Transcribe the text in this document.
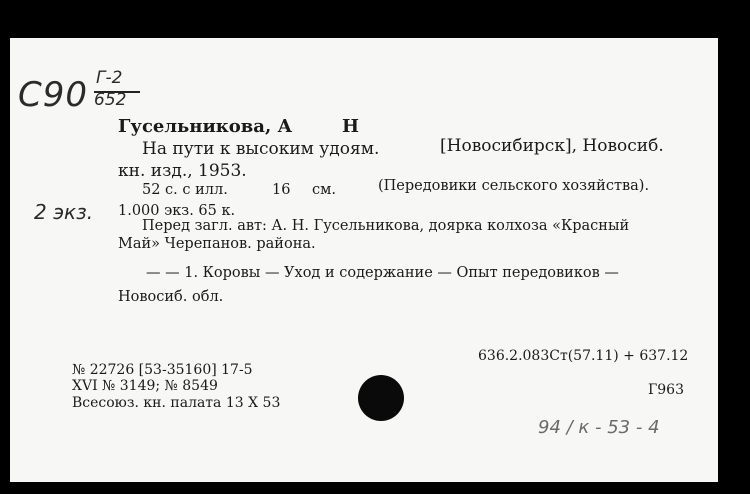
С90 Г-2
652
Гусельникова, А	Н
На пути к высоким удоям.	[Новосибирск], Новосиб.
кн. изд., 1953.
52 с. с илл.	16 см.	(Передовики сельского хозяйства).
2 экз. 1.000 экз. 65 к.
Перед загл. авт: А. Н. Гусельникова, доярка колхоза «Красный
Май» Черепанов. района.
— — 1. Коровы — Уход и содержание — Опыт передовиков —
Новосиб. обл.
№ 22726 [53-35160] 17-5
XVI № 3149; № 8549
Всесоюз. кн. палата 13 X 53
636.2.083Ст(57.11) + 637.12
Г963
94 / к - 53 - 4
